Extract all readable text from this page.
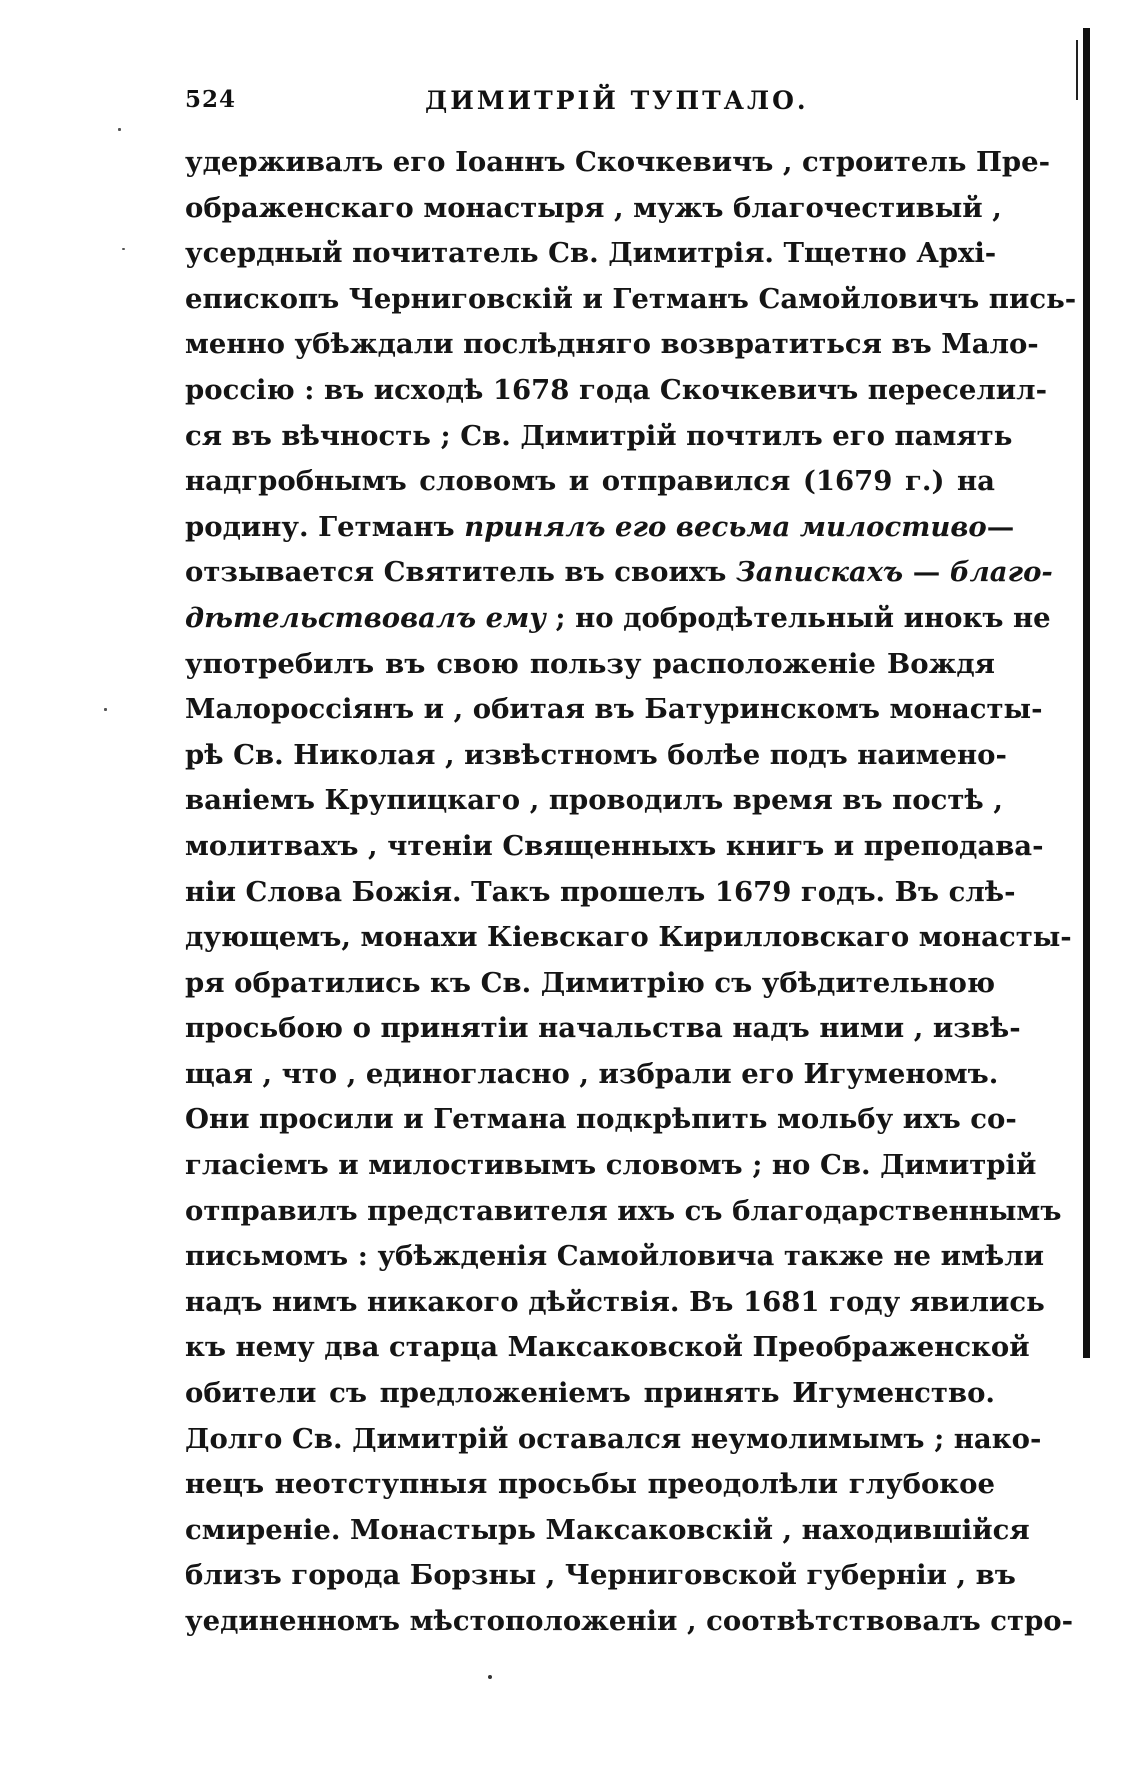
524	ДИМИТРІЙ ТУПТАЛО.
удерживалъ его Іоаннъ Скочкевичъ , строитель Пре-
ображенскаго монастыря , мужъ благочестивый ,
усердный почитатель Св. Димитрія. Тщетно Архі-
епископъ Черниговскій и Гетманъ Самойловичъ пись-
менно убѣждали послѣдняго возвратиться въ Мало-
россію : въ исходѣ 1678 года Скочкевичъ переселил-
ся въ вѣчность ; Св. Димитрій почтилъ его память
надгробнымъ словомъ и отправился (1679 г.) на
родину. Гетманъ принялъ его весьма милостиво—
отзывается Святитель въ своихъ Запискахъ — благо-
дѣтельствовалъ ему ; но добродѣтельный инокъ не
употребилъ въ свою пользу расположеніе Вождя
Малороссіянъ и , обитая въ Батуринскомъ монасты-
рѣ Св. Николая , извѣстномъ болѣе подъ наимено-
ваніемъ Крупицкаго , проводилъ время въ постѣ ,
молитвахъ , чтеніи Священныхъ книгъ и преподава-
ніи Слова Божія. Такъ прошелъ 1679 годъ. Въ слѣ-
дующемъ, монахи Кіевскаго Кирилловскаго монасты-
ря обратились къ Св. Димитрію съ убѣдительною
просьбою о принятіи начальства надъ ними , извѣ-
щая , что , единогласно , избрали его Игуменомъ.
Они просили и Гетмана подкрѣпить мольбу ихъ со-
гласіемъ и милостивымъ словомъ ; но Св. Димитрій
отправилъ представителя ихъ съ благодарственнымъ
письмомъ : убѣжденія Самойловича также не имѣли
надъ нимъ никакого дѣйствія. Въ 1681 году явились
къ нему два старца Максаковской Преображенской
обители съ предложеніемъ принять Игуменство.
Долго Св. Димитрій оставался неумолимымъ ; нако-
нецъ неотступныя просьбы преодолѣли глубокое
смиреніе. Монастырь Максаковскій , находившійся
близъ города Борзны , Черниговской губерніи , въ
уединенномъ мѣстоположеніи , соотвѣтствовалъ стро-
